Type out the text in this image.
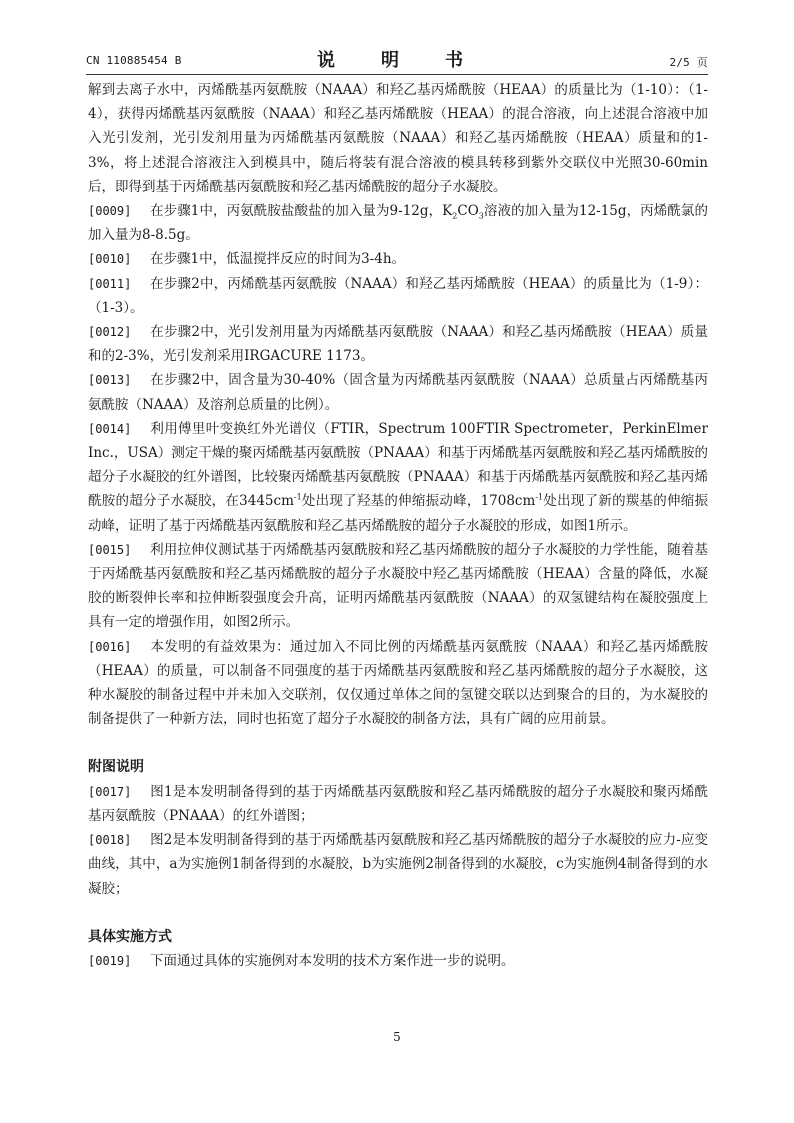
CN 110885454 B	说　明　书	2/5 页

解到去离子水中，丙烯酰基丙氨酰胺（NAAA）和羟乙基丙烯酰胺（HEAA）的质量比为（1-10）：（1-4），获得丙烯酰基丙氨酰胺（NAAA）和羟乙基丙烯酰胺（HEAA）的混合溶液，向上述混合溶液中加入光引发剂，光引发剂用量为丙烯酰基丙氨酰胺（NAAA）和羟乙基丙烯酰胺（HEAA）质量和的1-3%，将上述混合溶液注入到模具中，随后将装有混合溶液的模具转移到紫外交联仪中光照30-60min后，即得到基于丙烯酰基丙氨酰胺和羟乙基丙烯酰胺的超分子水凝胶。

[0009] 在步骤1中，丙氨酰胺盐酸盐的加入量为9-12g，$K_2CO_3$溶液的加入量为12-15g，丙烯酰氯的加入量为8-8.5g。

[0010] 在步骤1中，低温搅拌反应的时间为3-4h。

[0011] 在步骤2中，丙烯酰基丙氨酰胺（NAAA）和羟乙基丙烯酰胺（HEAA）的质量比为（1-9）：（1-3）。

[0012] 在步骤2中，光引发剂用量为丙烯酰基丙氨酰胺（NAAA）和羟乙基丙烯酰胺（HEAA）质量和的2-3%，光引发剂采用IRGACURE 1173。

[0013] 在步骤2中，固含量为30-40%（固含量为丙烯酰基丙氨酰胺（NAAA）总质量占丙烯酰基丙氨酰胺（NAAA）及溶剂总质量的比例）。

[0014] 利用傅里叶变换红外光谱仪（FTIR，Spectrum 100FTIR Spectrometer，PerkinElmer Inc.，USA）测定干燥的聚丙烯酰基丙氨酰胺（PNAAA）和基于丙烯酰基丙氨酰胺和羟乙基丙烯酰胺的超分子水凝胶的红外谱图，比较聚丙烯酰基丙氨酰胺（PNAAA）和基于丙烯酰基丙氨酰胺和羟乙基丙烯酰胺的超分子水凝胶，在$3445cm^{-1}$处出现了羟基的伸缩振动峰，$1708cm^{-1}$处出现了新的羰基的伸缩振动峰，证明了基于丙烯酰基丙氨酰胺和羟乙基丙烯酰胺的超分子水凝胶的形成，如图1所示。

[0015] 利用拉伸仪测试基于丙烯酰基丙氨酰胺和羟乙基丙烯酰胺的超分子水凝胶的力学性能，随着基于丙烯酰基丙氨酰胺和羟乙基丙烯酰胺的超分子水凝胶中羟乙基丙烯酰胺（HEAA）含量的降低，水凝胶的断裂伸长率和拉伸断裂强度会升高，证明丙烯酰基丙氨酰胺（NAAA）的双氢键结构在凝胶强度上具有一定的增强作用，如图2所示。

[0016] 本发明的有益效果为：通过加入不同比例的丙烯酰基丙氨酰胺（NAAA）和羟乙基丙烯酰胺（HEAA）的质量，可以制备不同强度的基于丙烯酰基丙氨酰胺和羟乙基丙烯酰胺的超分子水凝胶，这种水凝胶的制备过程中并未加入交联剂，仅仅通过单体之间的氢键交联以达到聚合的目的，为水凝胶的制备提供了一种新方法，同时也拓宽了超分子水凝胶的制备方法，具有广阔的应用前景。

附图说明

[0017] 图1是本发明制备得到的基于丙烯酰基丙氨酰胺和羟乙基丙烯酰胺的超分子水凝胶和聚丙烯酰基丙氨酰胺（PNAAA）的红外谱图；

[0018] 图2是本发明制备得到的基于丙烯酰基丙氨酰胺和羟乙基丙烯酰胺的超分子水凝胶的应力-应变曲线，其中，a为实施例1制备得到的水凝胶，b为实施例2制备得到的水凝胶，c为实施例4制备得到的水凝胶；

具体实施方式

[0019] 下面通过具体的实施例对本发明的技术方案作进一步的说明。

5
